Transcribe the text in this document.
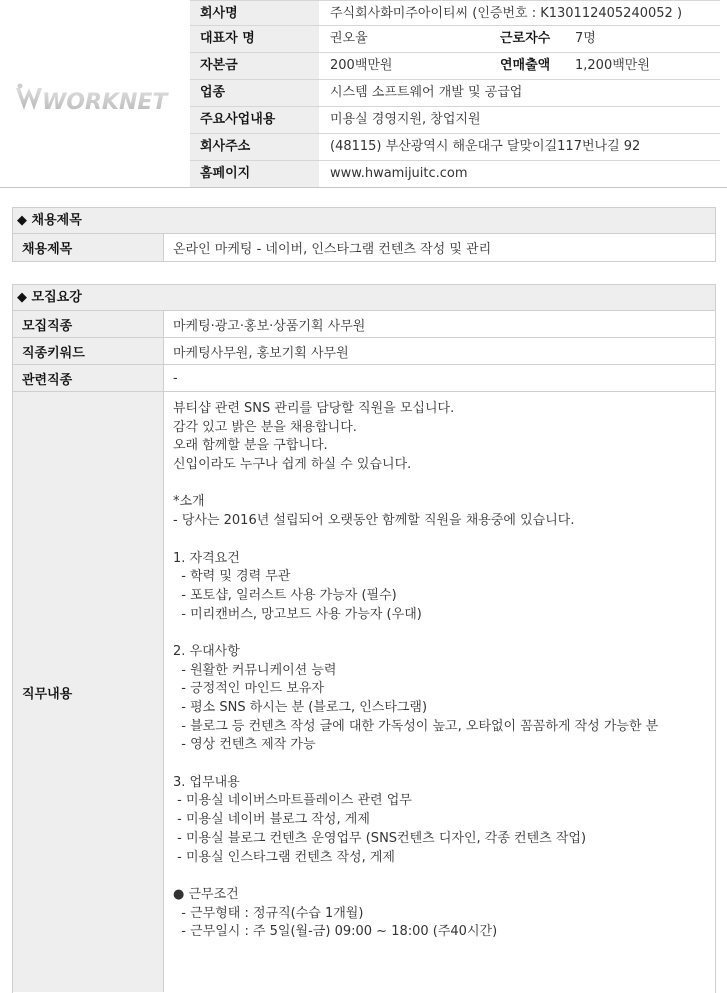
WORKNET
회사명	주식회사화미주아이티씨 (인증번호 : K130112405240052 )
대표자 명	권오율	근로자수	7명
자본금	200백만원	연매출액	1,200백만원
업종	시스템 소프트웨어 개발 및 공급업
주요사업내용	미용실 경영지원, 창업지원
회사주소	(48115) 부산광역시 해운대구 달맞이길117번나길 92
홈페이지	www.hwamijuitc.com
◆ 채용제목
채용제목	온라인 마케팅 - 네이버, 인스타그램 컨텐츠 작성 및 관리
◆ 모집요강
모집직종	마케팅·광고·홍보·상품기획 사무원
직종키워드	마케팅사무원, 홍보기획 사무원
관련직종	-
직무내용
뷰티샵 관련 SNS 관리를 담당할 직원을 모십니다.
감각 있고 밝은 분을 채용합니다.
오래 함께할 분을 구합니다.
신입이라도 누구나 쉽게 하실 수 있습니다.
*소개
- 당사는 2016년 설립되어 오랫동안 함께할 직원을 채용중에 있습니다.
1. 자격요건
- 학력 및 경력 무관
- 포토샵, 일러스트 사용 가능자 (필수)
- 미리캔버스, 망고보드 사용 가능자 (우대)
2. 우대사항
- 원활한 커뮤니케이션 능력
- 긍정적인 마인드 보유자
- 평소 SNS 하시는 분 (블로그, 인스타그램)
- 블로그 등 컨텐츠 작성 글에 대한 가독성이 높고, 오타없이 꼼꼼하게 작성 가능한 분
- 영상 컨텐츠 제작 가능
3. 업무내용
- 미용실 네이버스마트플레이스 관련 업무
- 미용실 네이버 블로그 작성, 게제
- 미용실 블로그 컨텐츠 운영업무 (SNS컨텐츠 디자인, 각종 컨텐츠 작업)
- 미용실 인스타그램 컨텐츠 작성, 게제
● 근무조건
- 근무형태 : 정규직(수습 1개월)
- 근무일시 : 주 5일(월-금) 09:00 ~ 18:00 (주40시간)
